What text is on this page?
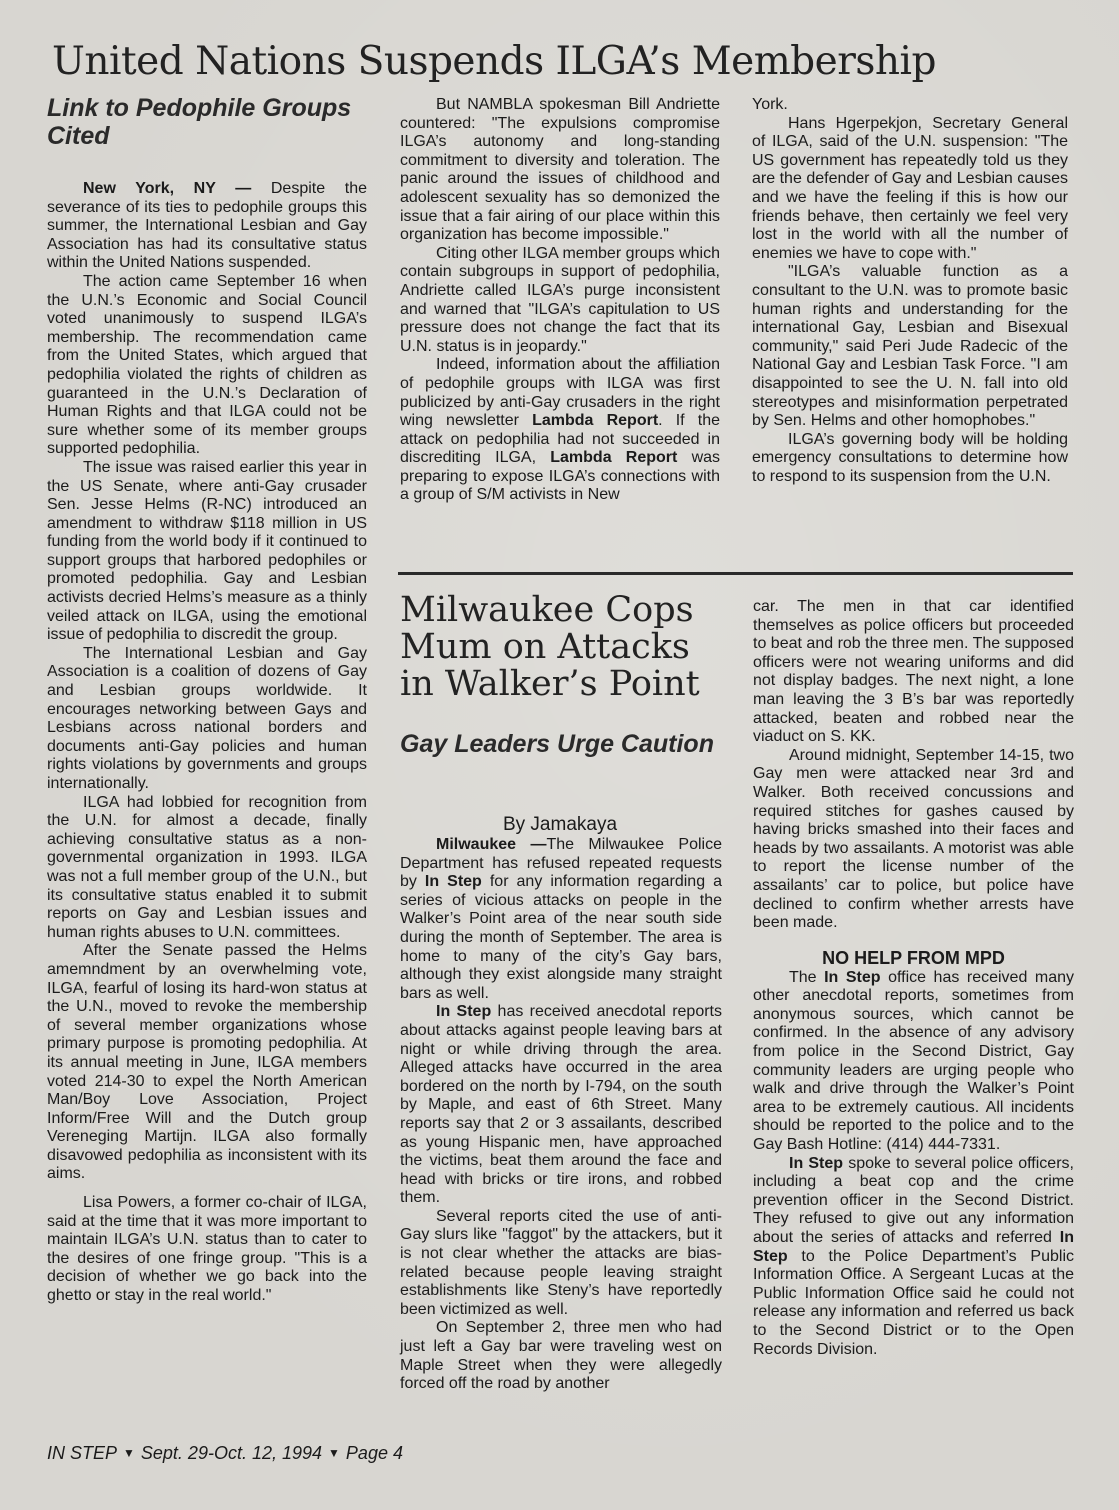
United Nations Suspends ILGA’s Membership
Link to Pedophile Groups Cited

New York, NY — Despite the severance of its ties to pedophile groups this summer, the International Lesbian and Gay Association has had its consultative status within the United Nations suspended.

The action came September 16 when the U.N.’s Economic and Social Council voted unanimously to suspend ILGA’s membership. The recommendation came from the United States, which argued that pedophilia violated the rights of children as guaranteed in the U.N.’s Declaration of Human Rights and that ILGA could not be sure whether some of its member groups supported pedophilia.

The issue was raised earlier this year in the US Senate, where anti-Gay crusader Sen. Jesse Helms (R-NC) introduced an amendment to withdraw $118 million in US funding from the world body if it continued to support groups that harbored pedophiles or promoted pedophilia. Gay and Lesbian activists decried Helms’s measure as a thinly veiled attack on ILGA, using the emotional issue of pedophilia to discredit the group.

The International Lesbian and Gay Association is a coalition of dozens of Gay and Lesbian groups worldwide. It encourages networking between Gays and Lesbians across national borders and documents anti-Gay policies and human rights violations by governments and groups internationally.

ILGA had lobbied for recognition from the U.N. for almost a decade, finally achieving consultative status as a non-governmental organization in 1993. ILGA was not a full member group of the U.N., but its consultative status enabled it to submit reports on Gay and Lesbian issues and human rights abuses to U.N. committees.

After the Senate passed the Helms amemndment by an overwhelming vote, ILGA, fearful of losing its hard-won status at the U.N., moved to revoke the membership of several member organizations whose primary purpose is promoting pedophilia. At its annual meeting in June, ILGA members voted 214-30 to expel the North American Man/Boy Love Association, Project Inform/Free Will and the Dutch group Vereneging Martijn. ILGA also formally disavowed pedophilia as inconsistent with its aims.

Lisa Powers, a former co-chair of ILGA, said at the time that it was more important to maintain ILGA’s U.N. status than to cater to the desires of one fringe group. "This is a decision of whether we go back into the ghetto or stay in the real world."

But NAMBLA spokesman Bill Andriette countered: "The expulsions compromise ILGA’s autonomy and long-standing commitment to diversity and toleration. The panic around the issues of childhood and adolescent sexuality has so demonized the issue that a fair airing of our place within this organization has become impossible."

Citing other ILGA member groups which contain subgroups in support of pedophilia, Andriette called ILGA’s purge inconsistent and warned that "ILGA’s capitulation to US pressure does not change the fact that its U.N. status is in jeopardy."

Indeed, information about the affiliation of pedophile groups with ILGA was first publicized by anti-Gay crusaders in the right wing newsletter Lambda Report. If the attack on pedophilia had not succeeded in discrediting ILGA, Lambda Report was preparing to expose ILGA’s connections with a group of S/M activists in New

York.

Hans Hgerpekjon, Secretary General of ILGA, said of the U.N. suspension: "The US government has repeatedly told us they are the defender of Gay and Lesbian causes and we have the feeling if this is how our friends behave, then certainly we feel very lost in the world with all the number of enemies we have to cope with."

"ILGA’s valuable function as a consultant to the U.N. was to promote basic human rights and understanding for the international Gay, Lesbian and Bisexual community," said Peri Jude Radecic of the National Gay and Lesbian Task Force. "I am disappointed to see the U. N. fall into old stereotypes and misinformation perpetrated by Sen. Helms and other homophobes."

ILGA’s governing body will be holding emergency consultations to determine how to respond to its suspension from the U.N.

Milwaukee Cops Mum on Attacks in Walker’s Point
Gay Leaders Urge Caution
By Jamakaya

Milwaukee —The Milwaukee Police Department has refused repeated requests by In Step for any information regarding a series of vicious attacks on people in the Walker’s Point area of the near south side during the month of September. The area is home to many of the city’s Gay bars, although they exist alongside many straight bars as well.

In Step has received anecdotal reports about attacks against people leaving bars at night or while driving through the area. Alleged attacks have occurred in the area bordered on the north by I-794, on the south by Maple, and east of 6th Street. Many reports say that 2 or 3 assailants, described as young Hispanic men, have approached the victims, beat them around the face and head with bricks or tire irons, and robbed them.

Several reports cited the use of anti-Gay slurs like "faggot" by the attackers, but it is not clear whether the attacks are bias- related because people leaving straight establishments like Steny’s have reportedly been victimized as well.

On September 2, three men who had just left a Gay bar were traveling west on Maple Street when they were allegedly forced off the road by another

car. The men in that car identified themselves as police officers but proceeded to beat and rob the three men. The supposed officers were not wearing uniforms and did not display badges. The next night, a lone man leaving the 3 B’s bar was reportedly attacked, beaten and robbed near the viaduct on S. KK.

Around midnight, September 14-15, two Gay men were attacked near 3rd and Walker. Both received concussions and required stitches for gashes caused by having bricks smashed into their faces and heads by two assailants. A motorist was able to report the license number of the assailants’ car to police, but police have declined to confirm whether arrests have been made.

NO HELP FROM MPD

The In Step office has received many other anecdotal reports, sometimes from anonymous sources, which cannot be confirmed. In the absence of any advisory from police in the Second District, Gay community leaders are urging people who walk and drive through the Walker’s Point area to be extremely cautious. All incidents should be reported to the police and to the Gay Bash Hotline: (414) 444-7331.

In Step spoke to several police officers, including a beat cop and the crime prevention officer in the Second District. They refused to give out any information about the series of attacks and referred In Step to the Police Department’s Public Information Office. A Sergeant Lucas at the Public Information Office said he could not release any information and referred us back to the Second District or to the Open Records Division.

IN STEP ▼ Sept. 29-Oct. 12, 1994 ▼ Page 4
